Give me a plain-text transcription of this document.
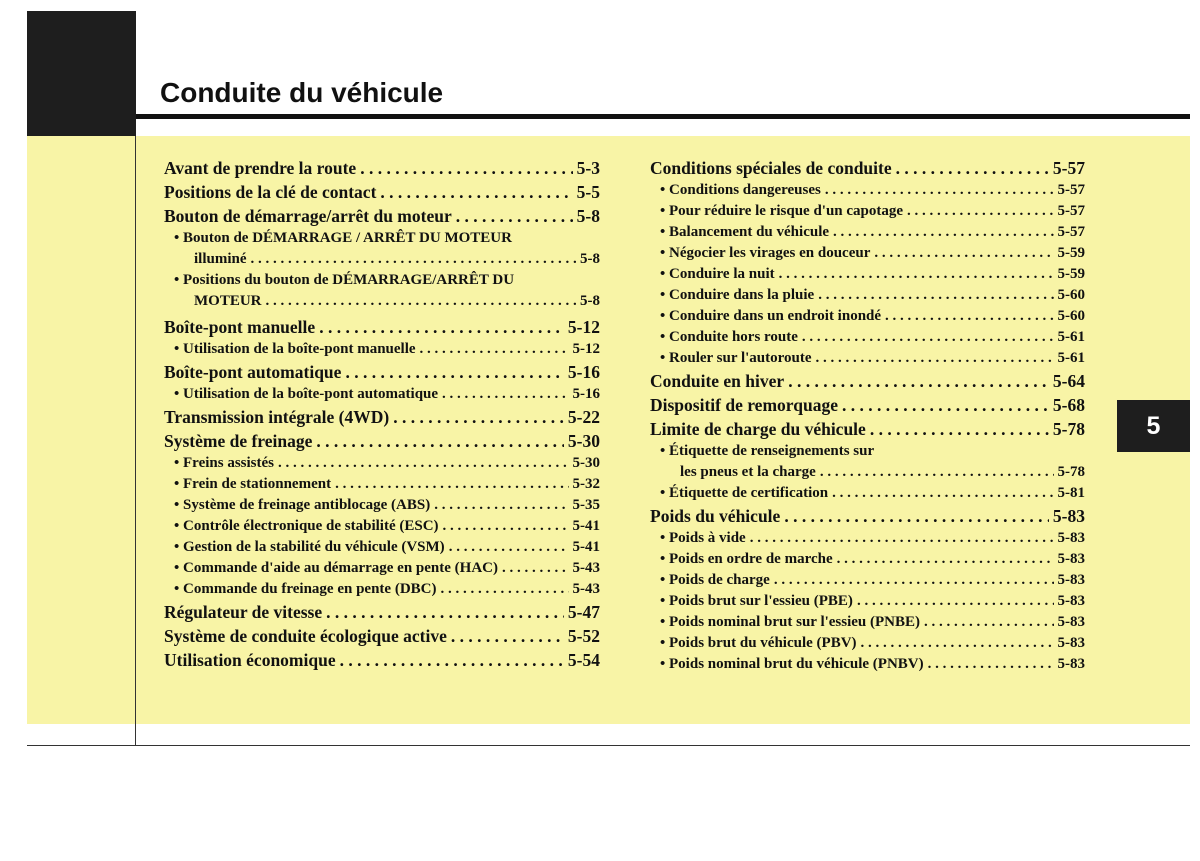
Conduite du véhicule
5
Avant de prendre la route . . .	5-3
Positions de la clé de contact . . .	5-5
Bouton de démarrage/arrêt du moteur . . .	5-8
• Bouton de DÉMARRAGE / ARRÊT DU MOTEUR
illuminé . . .	5-8
• Positions du bouton de DÉMARRAGE/ARRÊT DU
MOTEUR . . .	5-8
Boîte-pont manuelle . . .	5-12
• Utilisation de la boîte-pont manuelle . . .	5-12
Boîte-pont automatique . . .	5-16
• Utilisation de la boîte-pont automatique . . .	5-16
Transmission intégrale (4WD) . . .	5-22
Système de freinage . . .	5-30
• Freins assistés . . .	5-30
• Frein de stationnement . . .	5-32
• Système de freinage antiblocage (ABS) . . .	5-35
• Contrôle électronique de stabilité (ESC) . . .	5-41
• Gestion de la stabilité du véhicule (VSM) . . .	5-41
• Commande d'aide au démarrage en pente (HAC) . . .	5-43
• Commande du freinage en pente (DBC) . . .	5-43
Régulateur de vitesse . . .	5-47
Système de conduite écologique active . . .	5-52
Utilisation économique . . .	5-54
Conditions spéciales de conduite . . .	5-57
• Conditions dangereuses . . .	5-57
• Pour réduire le risque d'un capotage . . .	5-57
• Balancement du véhicule . . .	5-57
• Négocier les virages en douceur . . .	5-59
• Conduire la nuit . . .	5-59
• Conduire dans la pluie . . .	5-60
• Conduire dans un endroit inondé . . .	5-60
• Conduite hors route . . .	5-61
• Rouler sur l'autoroute . . .	5-61
Conduite en hiver . . .	5-64
Dispositif de remorquage . . .	5-68
Limite de charge du véhicule . . .	5-78
• Étiquette de renseignements sur
les pneus et la charge . . .	5-78
• Étiquette de certification . . .	5-81
Poids du véhicule . . .	5-83
• Poids à vide . . .	5-83
• Poids en ordre de marche . . .	5-83
• Poids de charge . . .	5-83
• Poids brut sur l'essieu (PBE) . . .	5-83
• Poids nominal brut sur l'essieu (PNBE) . . .	5-83
• Poids brut du véhicule (PBV) . . .	5-83
• Poids nominal brut du véhicule (PNBV) . . .	5-83
